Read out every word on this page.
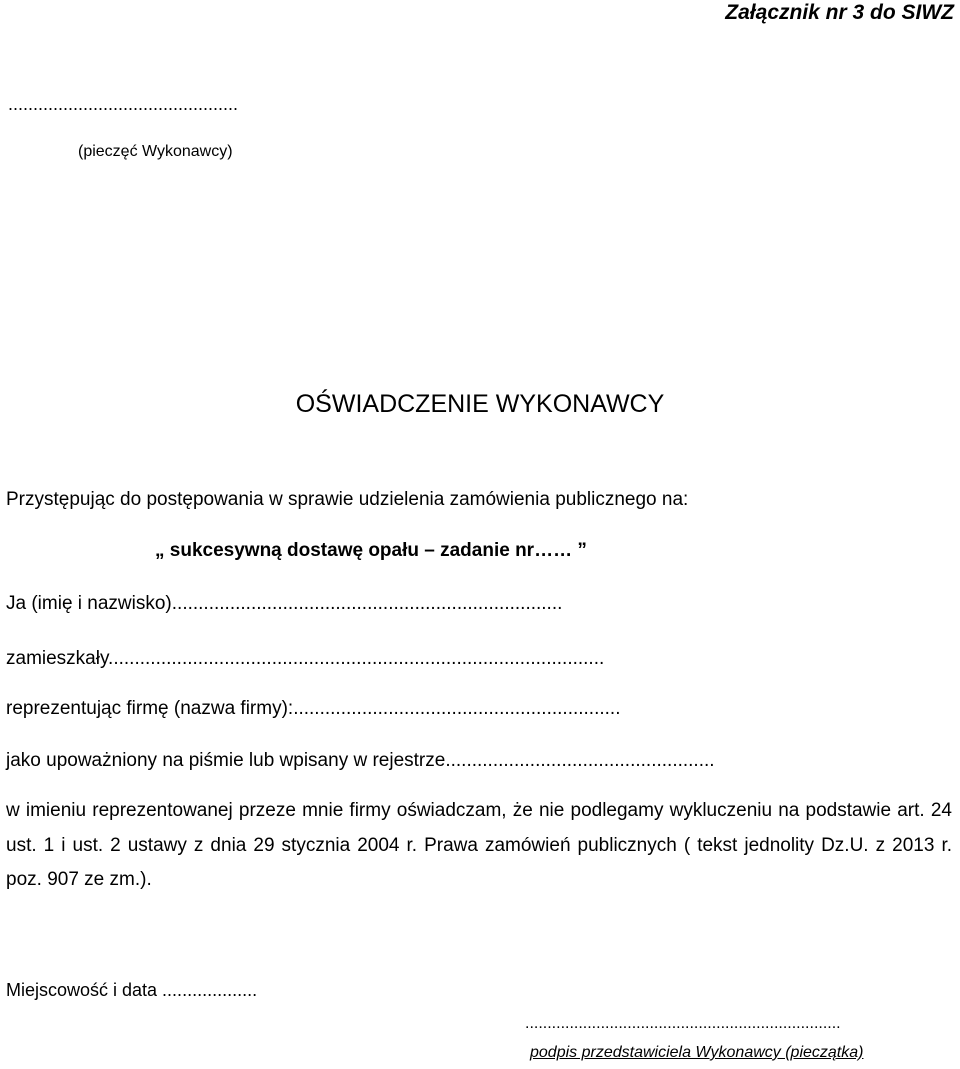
Załącznik nr 3 do SIWZ
..............................................
(pieczęć Wykonawcy)
OŚWIADCZENIE WYKONAWCY
Przystępując do postępowania w sprawie udzielenia zamówienia publicznego na:
„ sukcesywną dostawę opału – zadanie nr…… ”
Ja (imię i nazwisko)..........................................................................
zamieszkały..............................................................................................
reprezentując firmę (nazwa firmy):..............................................................
jako upoważniony na piśmie lub wpisany w rejestrze...................................................
w imieniu reprezentowanej przeze mnie firmy oświadczam, że nie podlegamy wykluczeniu na podstawie art. 24 ust. 1 i ust. 2 ustawy z dnia 29 stycznia 2004 r. Prawa zamówień publicznych ( tekst jednolity Dz.U. z 2013 r. poz. 907 ze zm.).
Miejscowość i data ...................
.......................................................................
podpis przedstawiciela Wykonawcy (pieczątka)
